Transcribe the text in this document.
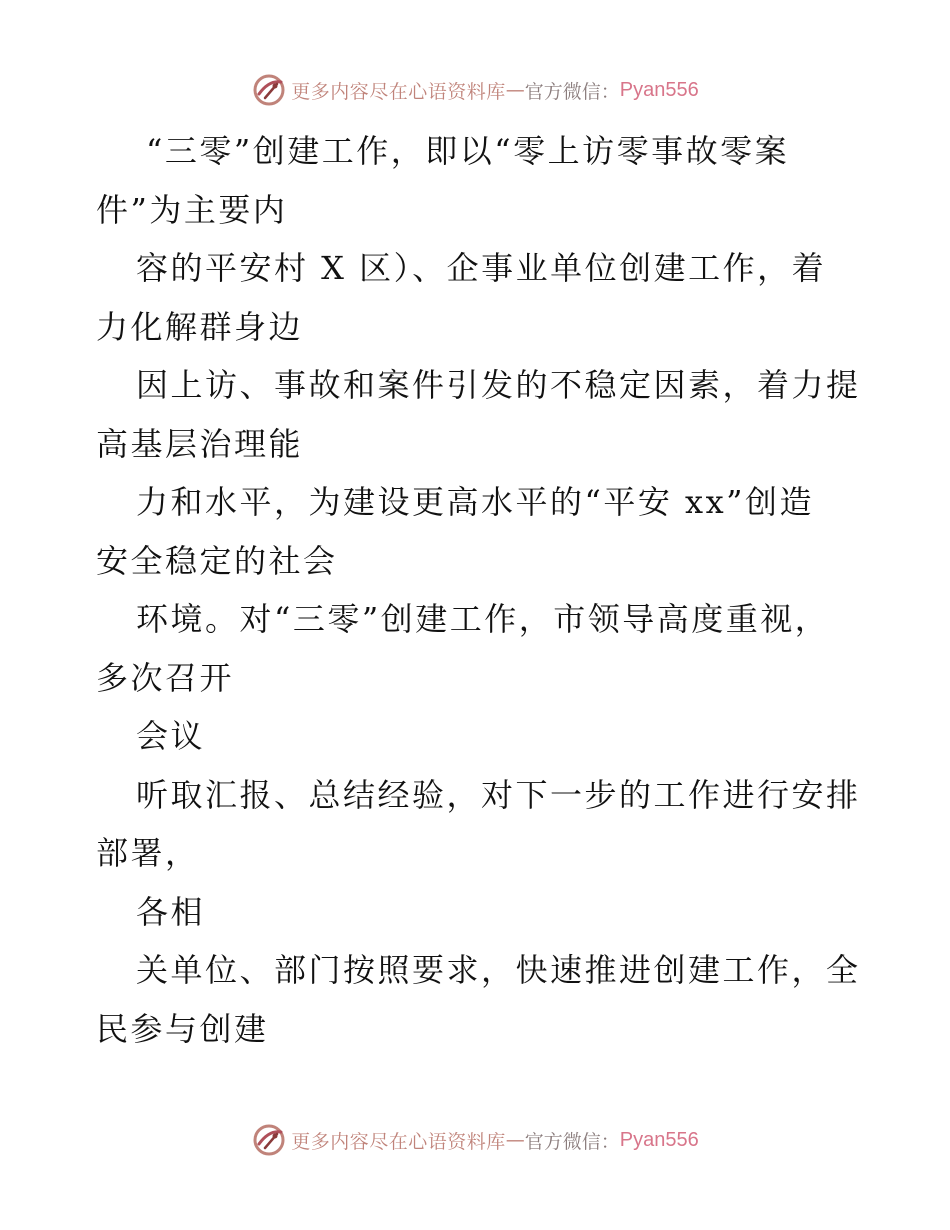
更多内容尽在心语资料库 — 官方微信： Pyan556
“三零”创建工作，即以“零上访零事故零案
件”为主要内
容的平安村 X 区）、企事业单位创建工作，着
力化解群身边
因上访、事故和案件引发的不稳定因素，着力提
高基层治理能
力和水平，为建设更高水平的“平安 xx”创造
安全稳定的社会
环境。对“三零”创建工作，市领导高度重视，
多次召开
会议
听取汇报、总结经验，对下一步的工作进行安排
部署，
各相
关单位、部门按照要求，快速推进创建工作，全
民参与创建
更多内容尽在心语资料库 — 官方微信： Pyan556
